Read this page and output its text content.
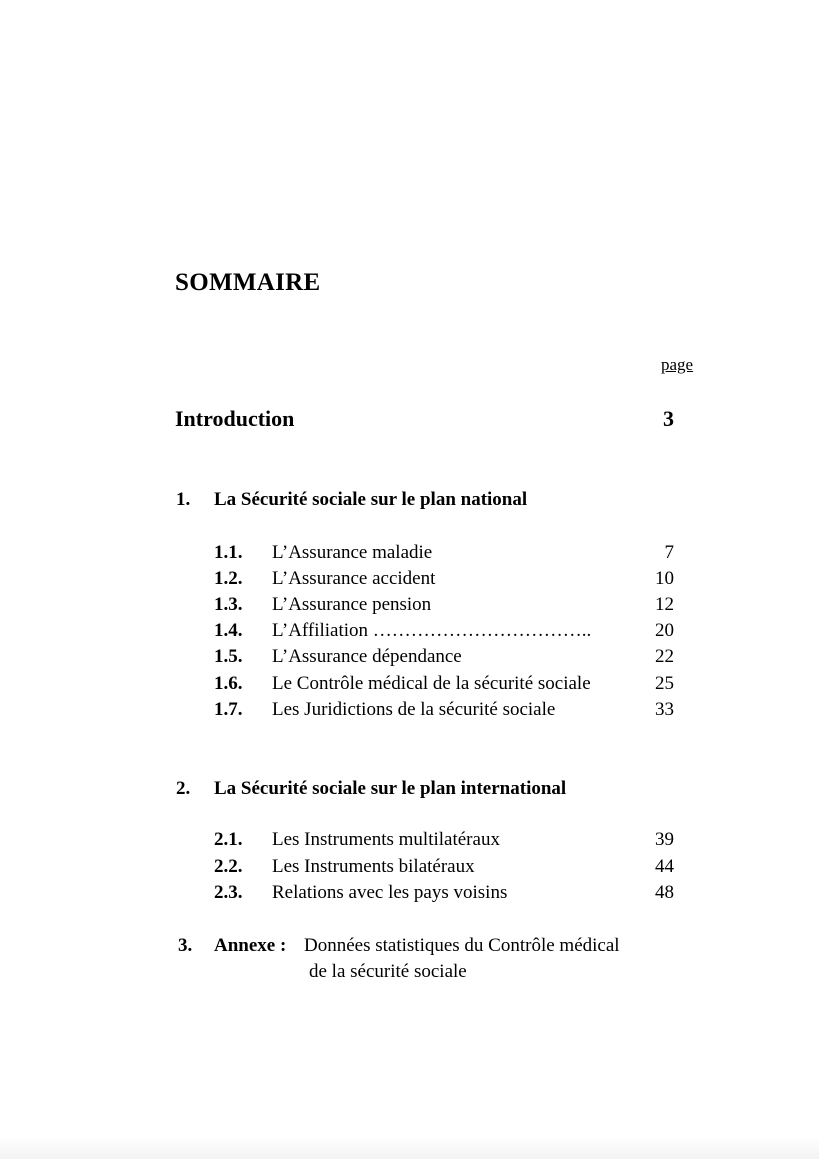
SOMMAIRE
page
Introduction	3
1. La Sécurité sociale sur le plan national
1.1. L’Assurance maladie	7
1.2. L’Assurance accident	10
1.3. L’Assurance pension	12
1.4. L’Affiliation ……………………………..	20
1.5. L’Assurance dépendance	22
1.6. Le Contrôle médical de la sécurité sociale	25
1.7. Les Juridictions de la sécurité sociale	33
2. La Sécurité sociale sur le plan international
2.1. Les Instruments multilatéraux	39
2.2. Les Instruments bilatéraux	44
2.3. Relations avec les pays voisins	48
3. Annexe : Données statistiques du Contrôle médical
de la sécurité sociale
